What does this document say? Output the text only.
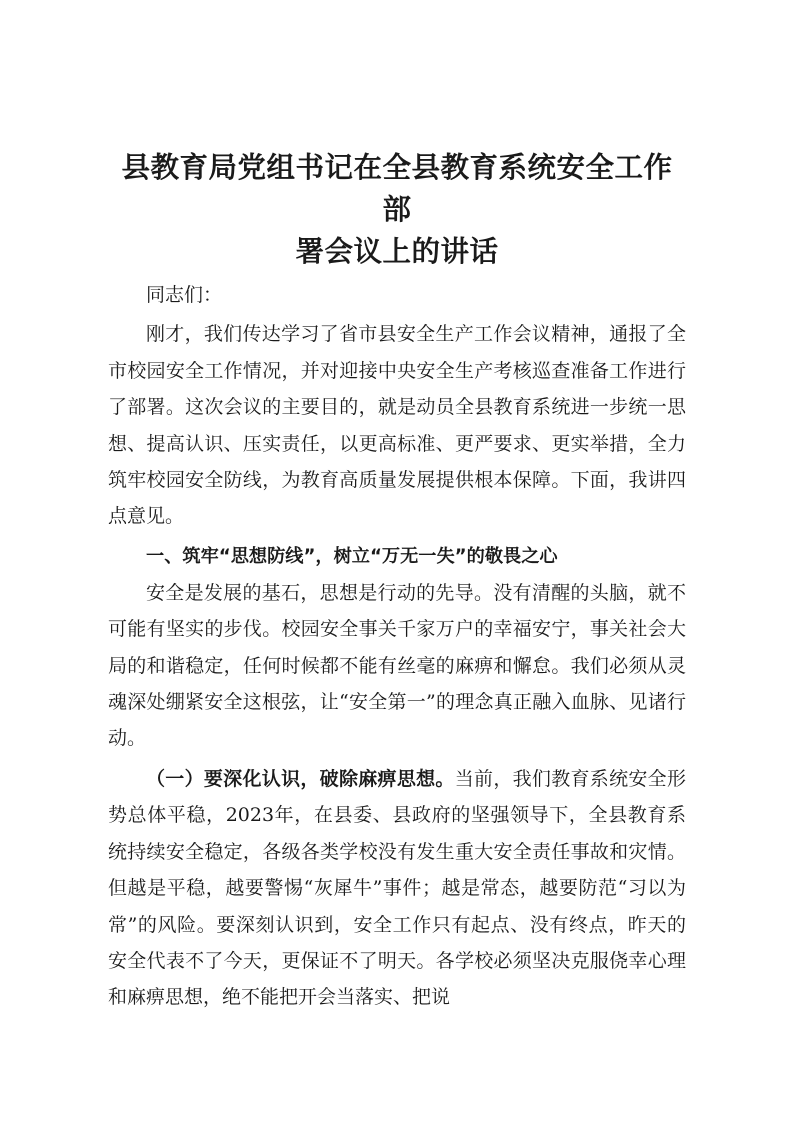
县教育局党组书记在全县教育系统安全工作部
署会议上的讲话

同志们：

刚才，我们传达学习了省市县安全生产工作会议精神，通报了全市校园安全工作情况，并对迎接中央安全生产考核巡查准备工作进行了部署。这次会议的主要目的，就是动员全县教育系统进一步统一思想、提高认识、压实责任，以更高标准、更严要求、更实举措，全力筑牢校园安全防线，为教育高质量发展提供根本保障。下面，我讲四点意见。

一、筑牢“思想防线”，树立“万无一失”的敬畏之心

安全是发展的基石，思想是行动的先导。没有清醒的头脑，就不可能有坚实的步伐。校园安全事关千家万户的幸福安宁，事关社会大局的和谐稳定，任何时候都不能有丝毫的麻痹和懈怠。我们必须从灵魂深处绷紧安全这根弦，让“安全第一”的理念真正融入血脉、见诸行动。

（一）要深化认识，破除麻痹思想。当前，我们教育系统安全形势总体平稳，2023年，在县委、县政府的坚强领导下，全县教育系统持续安全稳定，各级各类学校没有发生重大安全责任事故和灾情。但越是平稳，越要警惕“灰犀牛”事件；越是常态，越要防范“习以为常”的风险。要深刻认识到，安全工作只有起点、没有终点，昨天的安全代表不了今天，更保证不了明天。各学校必须坚决克服侥幸心理和麻痹思想，绝不能把开会当落实、把说
